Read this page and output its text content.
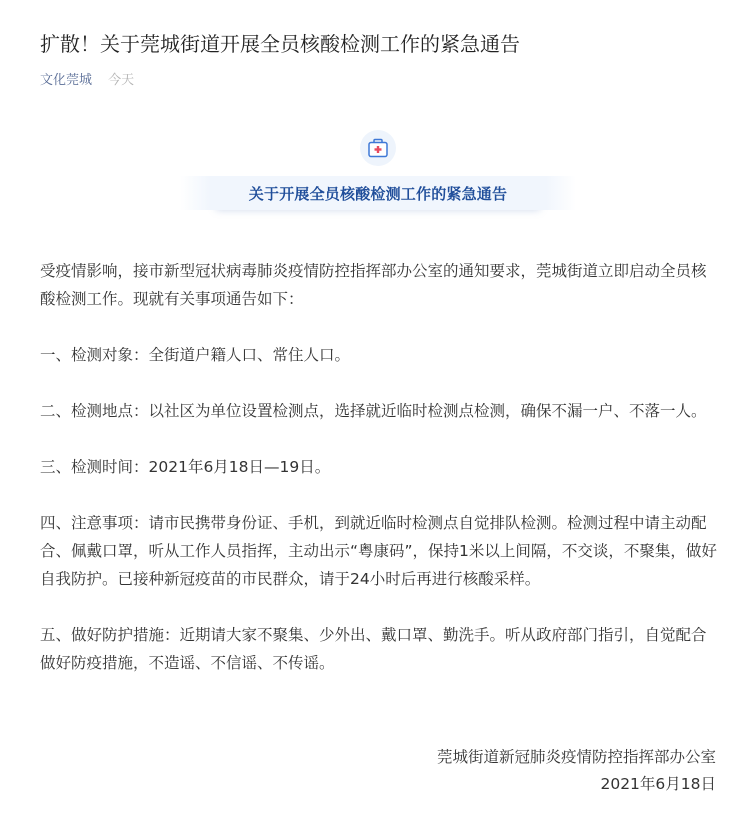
扩散！关于莞城街道开展全员核酸检测工作的紧急通告
文化莞城 今天
关于开展全员核酸检测工作的紧急通告

受疫情影响，接市新型冠状病毒肺炎疫情防控指挥部办公室的通知要求，莞城街道立即启动全员核酸检测工作。现就有关事项通告如下：

一、检测对象：全街道户籍人口、常住人口。

二、检测地点：以社区为单位设置检测点，选择就近临时检测点检测，确保不漏一户、不落一人。

三、检测时间：2021年6月18日—19日。

四、注意事项：请市民携带身份证、手机，到就近临时检测点自觉排队检测。检测过程中请主动配合、佩戴口罩，听从工作人员指挥，主动出示“粤康码”，保持1米以上间隔，不交谈，不聚集，做好自我防护。已接种新冠疫苗的市民群众，请于24小时后再进行核酸采样。

五、做好防护措施：近期请大家不聚集、少外出、戴口罩、勤洗手。听从政府部门指引，自觉配合做好防疫措施，不造谣、不信谣、不传谣。

莞城街道新冠肺炎疫情防控指挥部办公室
2021年6月18日
